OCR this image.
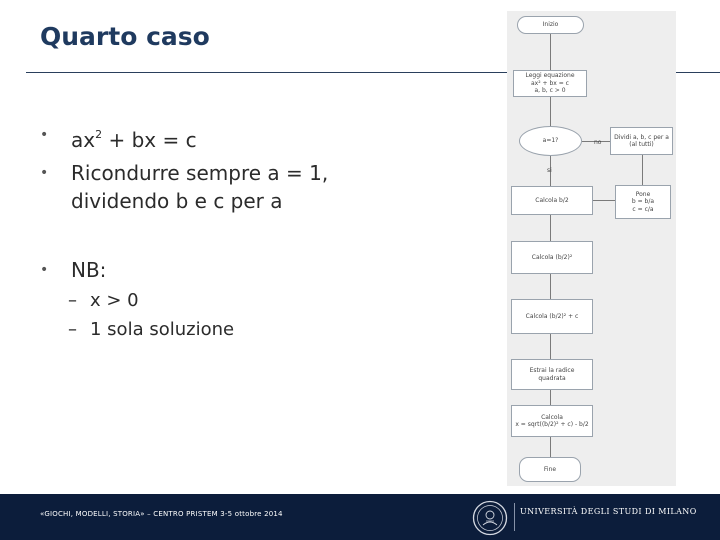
Quarto caso
• $ax^2$ + bx = c
• Ricondurre sempre a = 1,
dividendo b e c per a
• NB:
– x > 0
– 1 sola soluzione
Inizio
Leggi equazione
ax² + bx = c
a, b, c > 0
a=1?	no
si
Dividi a, b, c per a
(al tutti)
Pone
b = b/a
c = c/a
Calcola b/2
Calcola (b/2)²
Calcola (b/2)² + c
Estrai la radice
quadrata
Calcola
x = sqrt((b/2)² + c) - b/2
Fine
«GIOCHI, MODELLI, STORIA» – CENTRO PRISTEM 3-5 ottobre 2014	UNIVERSITÀ DEGLI STUDI DI MILANO
